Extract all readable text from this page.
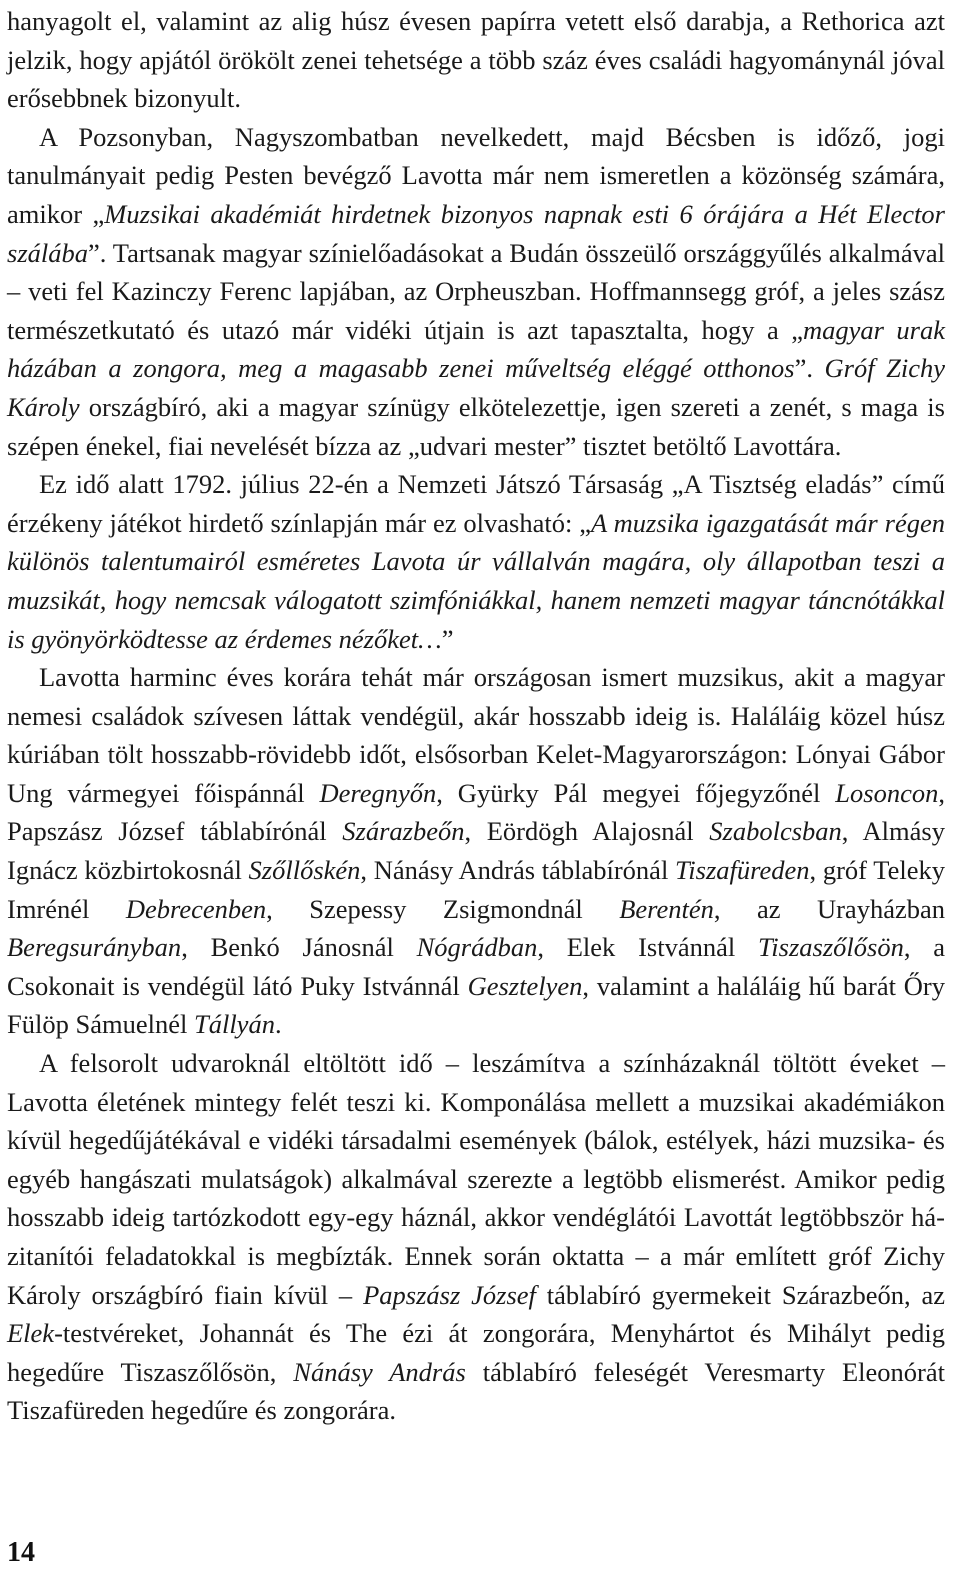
hanyagolt el, valamint az alig húsz évesen papírra vetett első darabja, a Rethorica azt jelzik, hogy apjától örökölt zenei tehetsége a több száz éves családi hagyománynál jóval erősebbnek bizonyult.

A Pozsonyban, Nagyszombatban nevelkedett, majd Bécsben is időző, jogi tanulmányait pedig Pesten bevégző Lavotta már nem ismeretlen a közönség számára, amikor „Muzsikai akadémiát hirdetnek bizonyos napnak esti 6 órájára a Hét Elector szálába”. Tartsanak magyar színielőadásokat a Budán összeülő országgyűlés alkalmával – veti fel Kazinczy Ferenc lapjában, az Orpheuszban. Hoffmannsegg gróf, a jeles szász természetkutató és utazó már vidéki útjain is azt tapasztalta, hogy a „magyar urak házában a zongora, meg a magasabb zenei műveltség eléggé otthonos”. Gróf Zichy Károly országbíró, aki a magyar színügy elkötelezettje, igen szereti a zenét, s maga is szépen énekel, fiai nevelését bízza az „udvari mester” tisztet betöltő Lavottára.

Ez idő alatt 1792. július 22-én a Nemzeti Játszó Társaság „A Tisztség eladás” című érzékeny játékot hirdető színlapján már ez olvasható: „A muzsika igazgatását már régen különös talentumairól esméretes Lavota úr vállalván magára, oly állapotban teszi a muzsikát, hogy nemcsak válogatott szimfóniákkal, hanem nemzeti magyar táncnótákkal is gyönyörködtesse az érdemes nézőket…”

Lavotta harminc éves korára tehát már országosan ismert muzsikus, akit a magyar nemesi családok szívesen láttak vendégül, akár hosszabb ideig is. Haláláig közel húsz kúriában tölt hosszabb-rövidebb időt, elsősorban Kelet-Magyarországon: Lónyai Gábor Ung vármegyei főispánnál Deregnyőn, Gyürky Pál megyei főjegyzőnél Losoncon, Papszász József táblabírónál Szárazbeőn, Eördögh Alajosnál Szabolcsban, Almásy Ignácz közbirtokosnál Szőllőskén, Nánásy András táblabírónál Tiszafüreden, gróf Teleky Imrénél Debrecenben, Szepessy Zsigmondnál Berentén, az Urayházban Beregsurányban, Benkó Jánosnál Nógrádban, Elek Istvánnál Tiszaszőlősön, a Csokonait is vendégül látó Puky Istvánnál Gesztelyen, valamint a haláláig hű barát Őry Fülöp Sámuelnél Tállyán.

A felsorolt udvaroknál eltöltött idő – leszámítva a színházaknál töltött éveket – Lavotta életének mintegy felét teszi ki. Komponálása mellett a muzsikai akadémiákon kívül hegedűjátékával e vidéki társadalmi események (bálok, estélyek, házi muzsika- és egyéb hangászati mulatságok) alkalmával szerezte a legtöbb elismerést. Amikor pedig hosszabb ideig tartózkodott egy-egy háznál, akkor vendéglátói Lavottát legtöbbször házitanítói feladatokkal is megbízták. Ennek során oktatta – a már említett gróf Zichy Károly országbíró fiain kívül – Papszász József táblabíró gyermekeit Szárazbeőn, az Elek-testvéreket, Johannát és The ézi át zongorára, Menyhártot és Mihályt pedig hegedűre Tiszaszőlősön, Nánásy András táblabíró feleségét Veresmarty Eleonórát Tiszafüreden hegedűre és zongorára.

14
